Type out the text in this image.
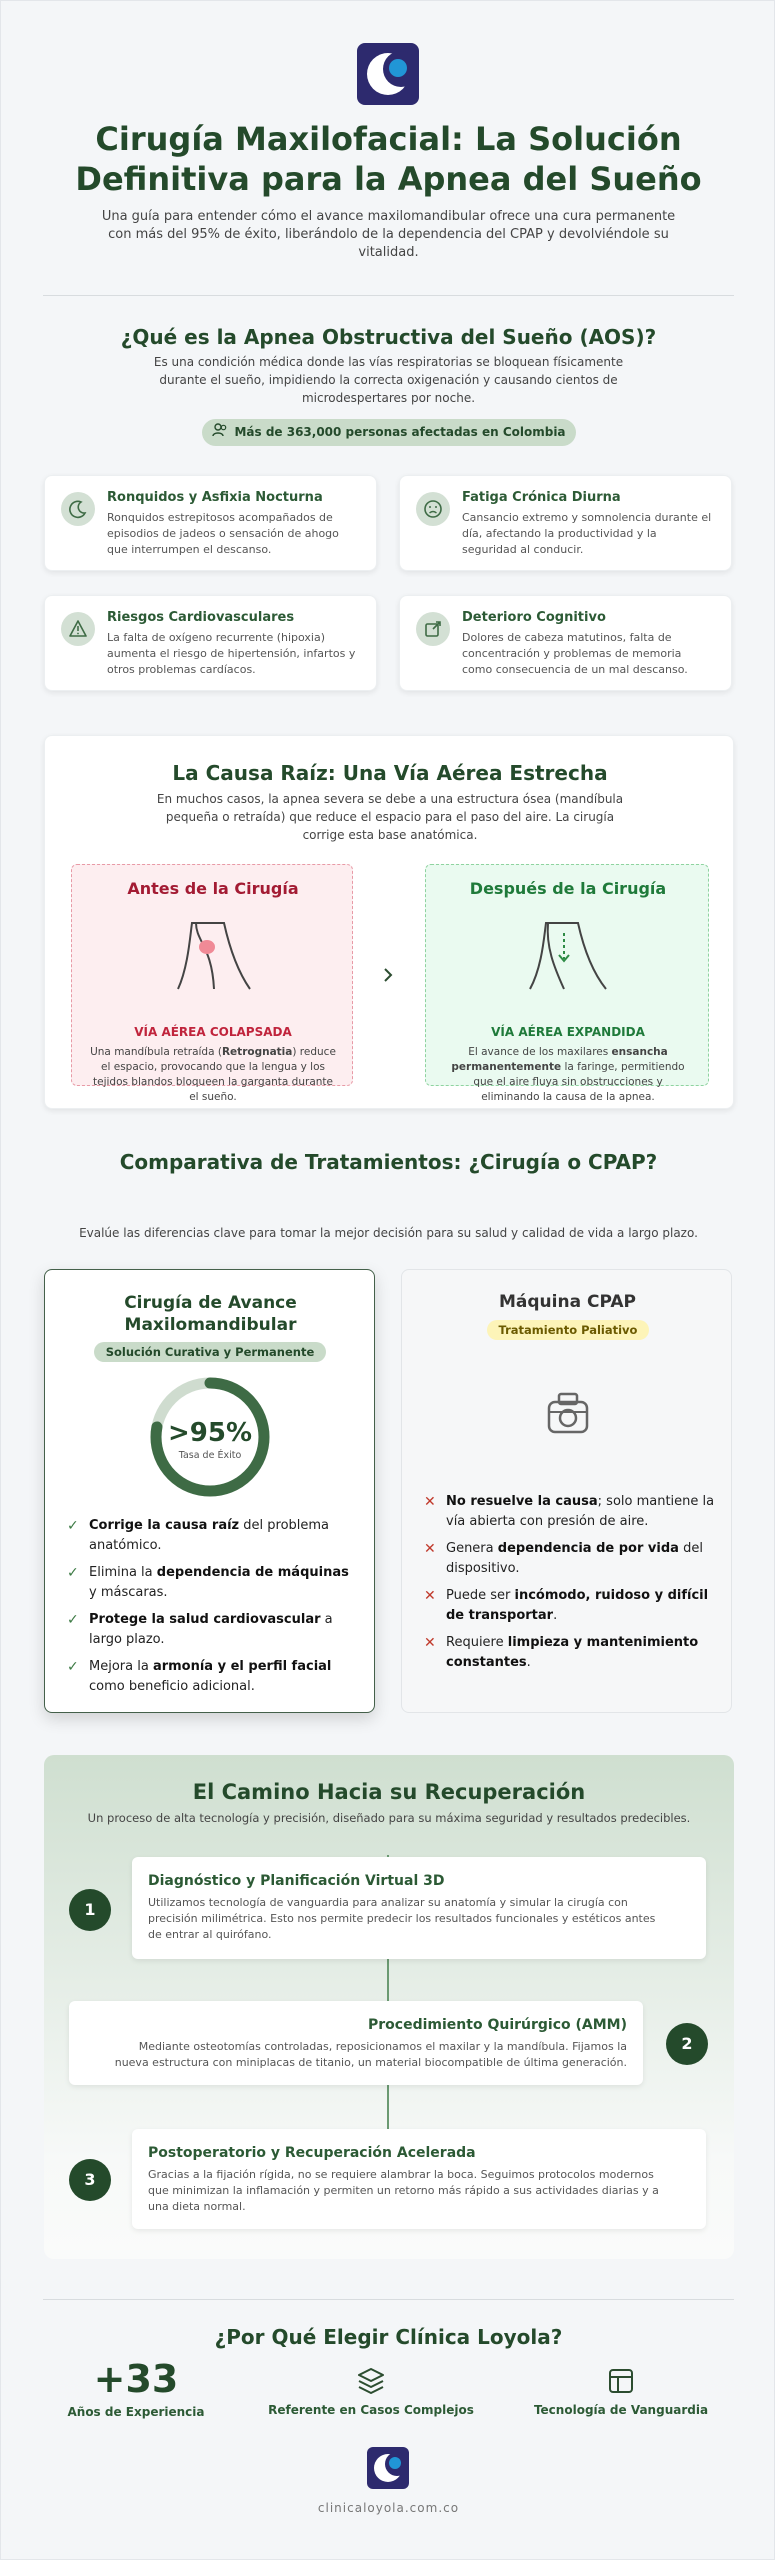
Cirugía Maxilofacial: La Solución
Definitiva para la Apnea del Sueño

Una guía para entender cómo el avance maxilomandibular ofrece una cura permanente con más del 95% de éxito, liberándolo de la dependencia del CPAP y devolviéndole su vitalidad.

¿Qué es la Apnea Obstructiva del Sueño (AOS)?

Es una condición médica donde las vías respiratorias se bloquean físicamente durante el sueño, impidiendo la correcta oxigenación y causando cientos de microdespertares por noche.

Más de 363,000 personas afectadas en Colombia
Ronquidos y Asfixia Nocturna
Ronquidos estrepitosos acompañados de episodios de jadeos o sensación de ahogo que interrumpen el descanso.
Fatiga Crónica Diurna
Cansancio extremo y somnolencia durante el día, afectando la productividad y la seguridad al conducir.
Riesgos Cardiovasculares
La falta de oxígeno recurrente (hipoxia) aumenta el riesgo de hipertensión, infartos y otros problemas cardíacos.
Deterioro Cognitivo
Dolores de cabeza matutinos, falta de concentración y problemas de memoria como consecuencia de un mal descanso.
La Causa Raíz: Una Vía Aérea Estrecha

En muchos casos, la apnea severa se debe a una estructura ósea (mandíbula pequeña o retraída) que reduce el espacio para el paso del aire. La cirugía corrige esta base anatómica.

Antes de la Cirugía
VÍA AÉREA COLAPSADA
Una mandíbula retraída (Retrognatia) reduce el espacio, provocando que la lengua y los tejidos blandos bloqueen la garganta durante el sueño.
Después de la Cirugía
VÍA AÉREA EXPANDIDA
El avance de los maxilares ensancha permanentemente la faringe, permitiendo que el aire fluya sin obstrucciones y eliminando la causa de la apnea.
Comparativa de Tratamientos: ¿Cirugía o CPAP?

Evalúe las diferencias clave para tomar la mejor decisión para su salud y calidad de vida a largo plazo.

Cirugía de Avance
Maxilomandibular
Solución Curativa y Permanente
>95%
Tasa de Éxito
✓ Corrige la causa raíz del problema anatómico.
✓ Elimina la dependencia de máquinas y máscaras.
✓ Protege la salud cardiovascular a largo plazo.
✓ Mejora la armonía y el perfil facial como beneficio adicional.
Máquina CPAP
Tratamiento Paliativo
✕ No resuelve la causa; solo mantiene la vía abierta con presión de aire.
✕ Genera dependencia de por vida del dispositivo.
✕ Puede ser incómodo, ruidoso y difícil de transportar.
✕ Requiere limpieza y mantenimiento constantes.
El Camino Hacia su Recuperación

Un proceso de alta tecnología y precisión, diseñado para su máxima seguridad y resultados predecibles.

1
Diagnóstico y Planificación Virtual 3D
Utilizamos tecnología de vanguardia para analizar su anatomía y simular la cirugía con precisión milimétrica. Esto nos permite predecir los resultados funcionales y estéticos antes de entrar al quirófano.
Procedimiento Quirúrgico (AMM)
Mediante osteotomías controladas, reposicionamos el maxilar y la mandíbula. Fijamos la nueva estructura con miniplacas de titanio, un material biocompatible de última generación.
2
3
Postoperatorio y Recuperación Acelerada
Gracias a la fijación rígida, no se requiere alambrar la boca. Seguimos protocolos modernos que minimizan la inflamación y permiten un retorno más rápido a sus actividades diarias y a una dieta normal.
¿Por Qué Elegir Clínica Loyola?
+33
Años de Experiencia	Referente en Casos Complejos	Tecnología de Vanguardia
clinicaloyola.com.co
